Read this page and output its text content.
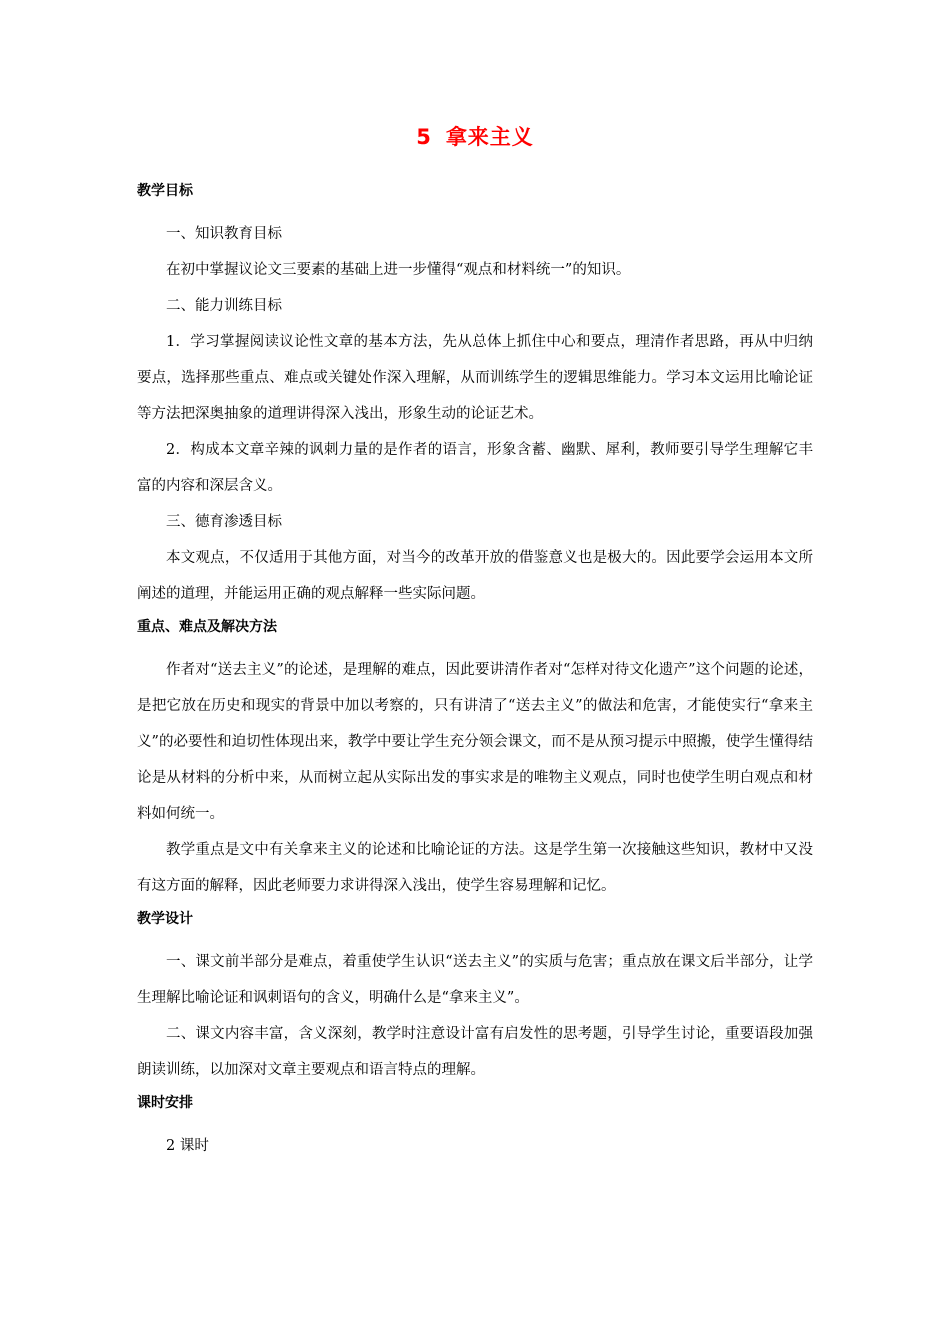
5 拿来主义
教学目标

一、知识教育目标

在初中掌握议论文三要素的基础上进一步懂得“观点和材料统一”的知识。

二、能力训练目标

1．学习掌握阅读议论性文章的基本方法，先从总体上抓住中心和要点，理清作者思路，再从中归纳要点，选择那些重点、难点或关键处作深入理解，从而训练学生的逻辑思维能力。学习本文运用比喻论证等方法把深奥抽象的道理讲得深入浅出，形象生动的论证艺术。

2．构成本文章辛辣的讽刺力量的是作者的语言，形象含蓄、幽默、犀利，教师要引导学生理解它丰富的内容和深层含义。

三、德育渗透目标

本文观点，不仅适用于其他方面，对当今的改革开放的借鉴意义也是极大的。因此要学会运用本文所阐述的道理，并能运用正确的观点解释一些实际问题。

重点、难点及解决方法

作者对“送去主义”的论述，是理解的难点，因此要讲清作者对“怎样对待文化遗产”这个问题的论述，是把它放在历史和现实的背景中加以考察的，只有讲清了“送去主义”的做法和危害，才能使实行“拿来主义”的必要性和迫切性体现出来，教学中要让学生充分领会课文，而不是从预习提示中照搬，使学生懂得结论是从材料的分析中来，从而树立起从实际出发的事实求是的唯物主义观点，同时也使学生明白观点和材料如何统一。

教学重点是文中有关拿来主义的论述和比喻论证的方法。这是学生第一次接触这些知识，教材中又没有这方面的解释，因此老师要力求讲得深入浅出，使学生容易理解和记忆。

教学设计

一、课文前半部分是难点，着重使学生认识“送去主义”的实质与危害；重点放在课文后半部分，让学生理解比喻论证和讽刺语句的含义，明确什么是“拿来主义”。

二、课文内容丰富，含义深刻，教学时注意设计富有启发性的思考题，引导学生讨论，重要语段加强朗读训练，以加深对文章主要观点和语言特点的理解。

课时安排

2 课时
